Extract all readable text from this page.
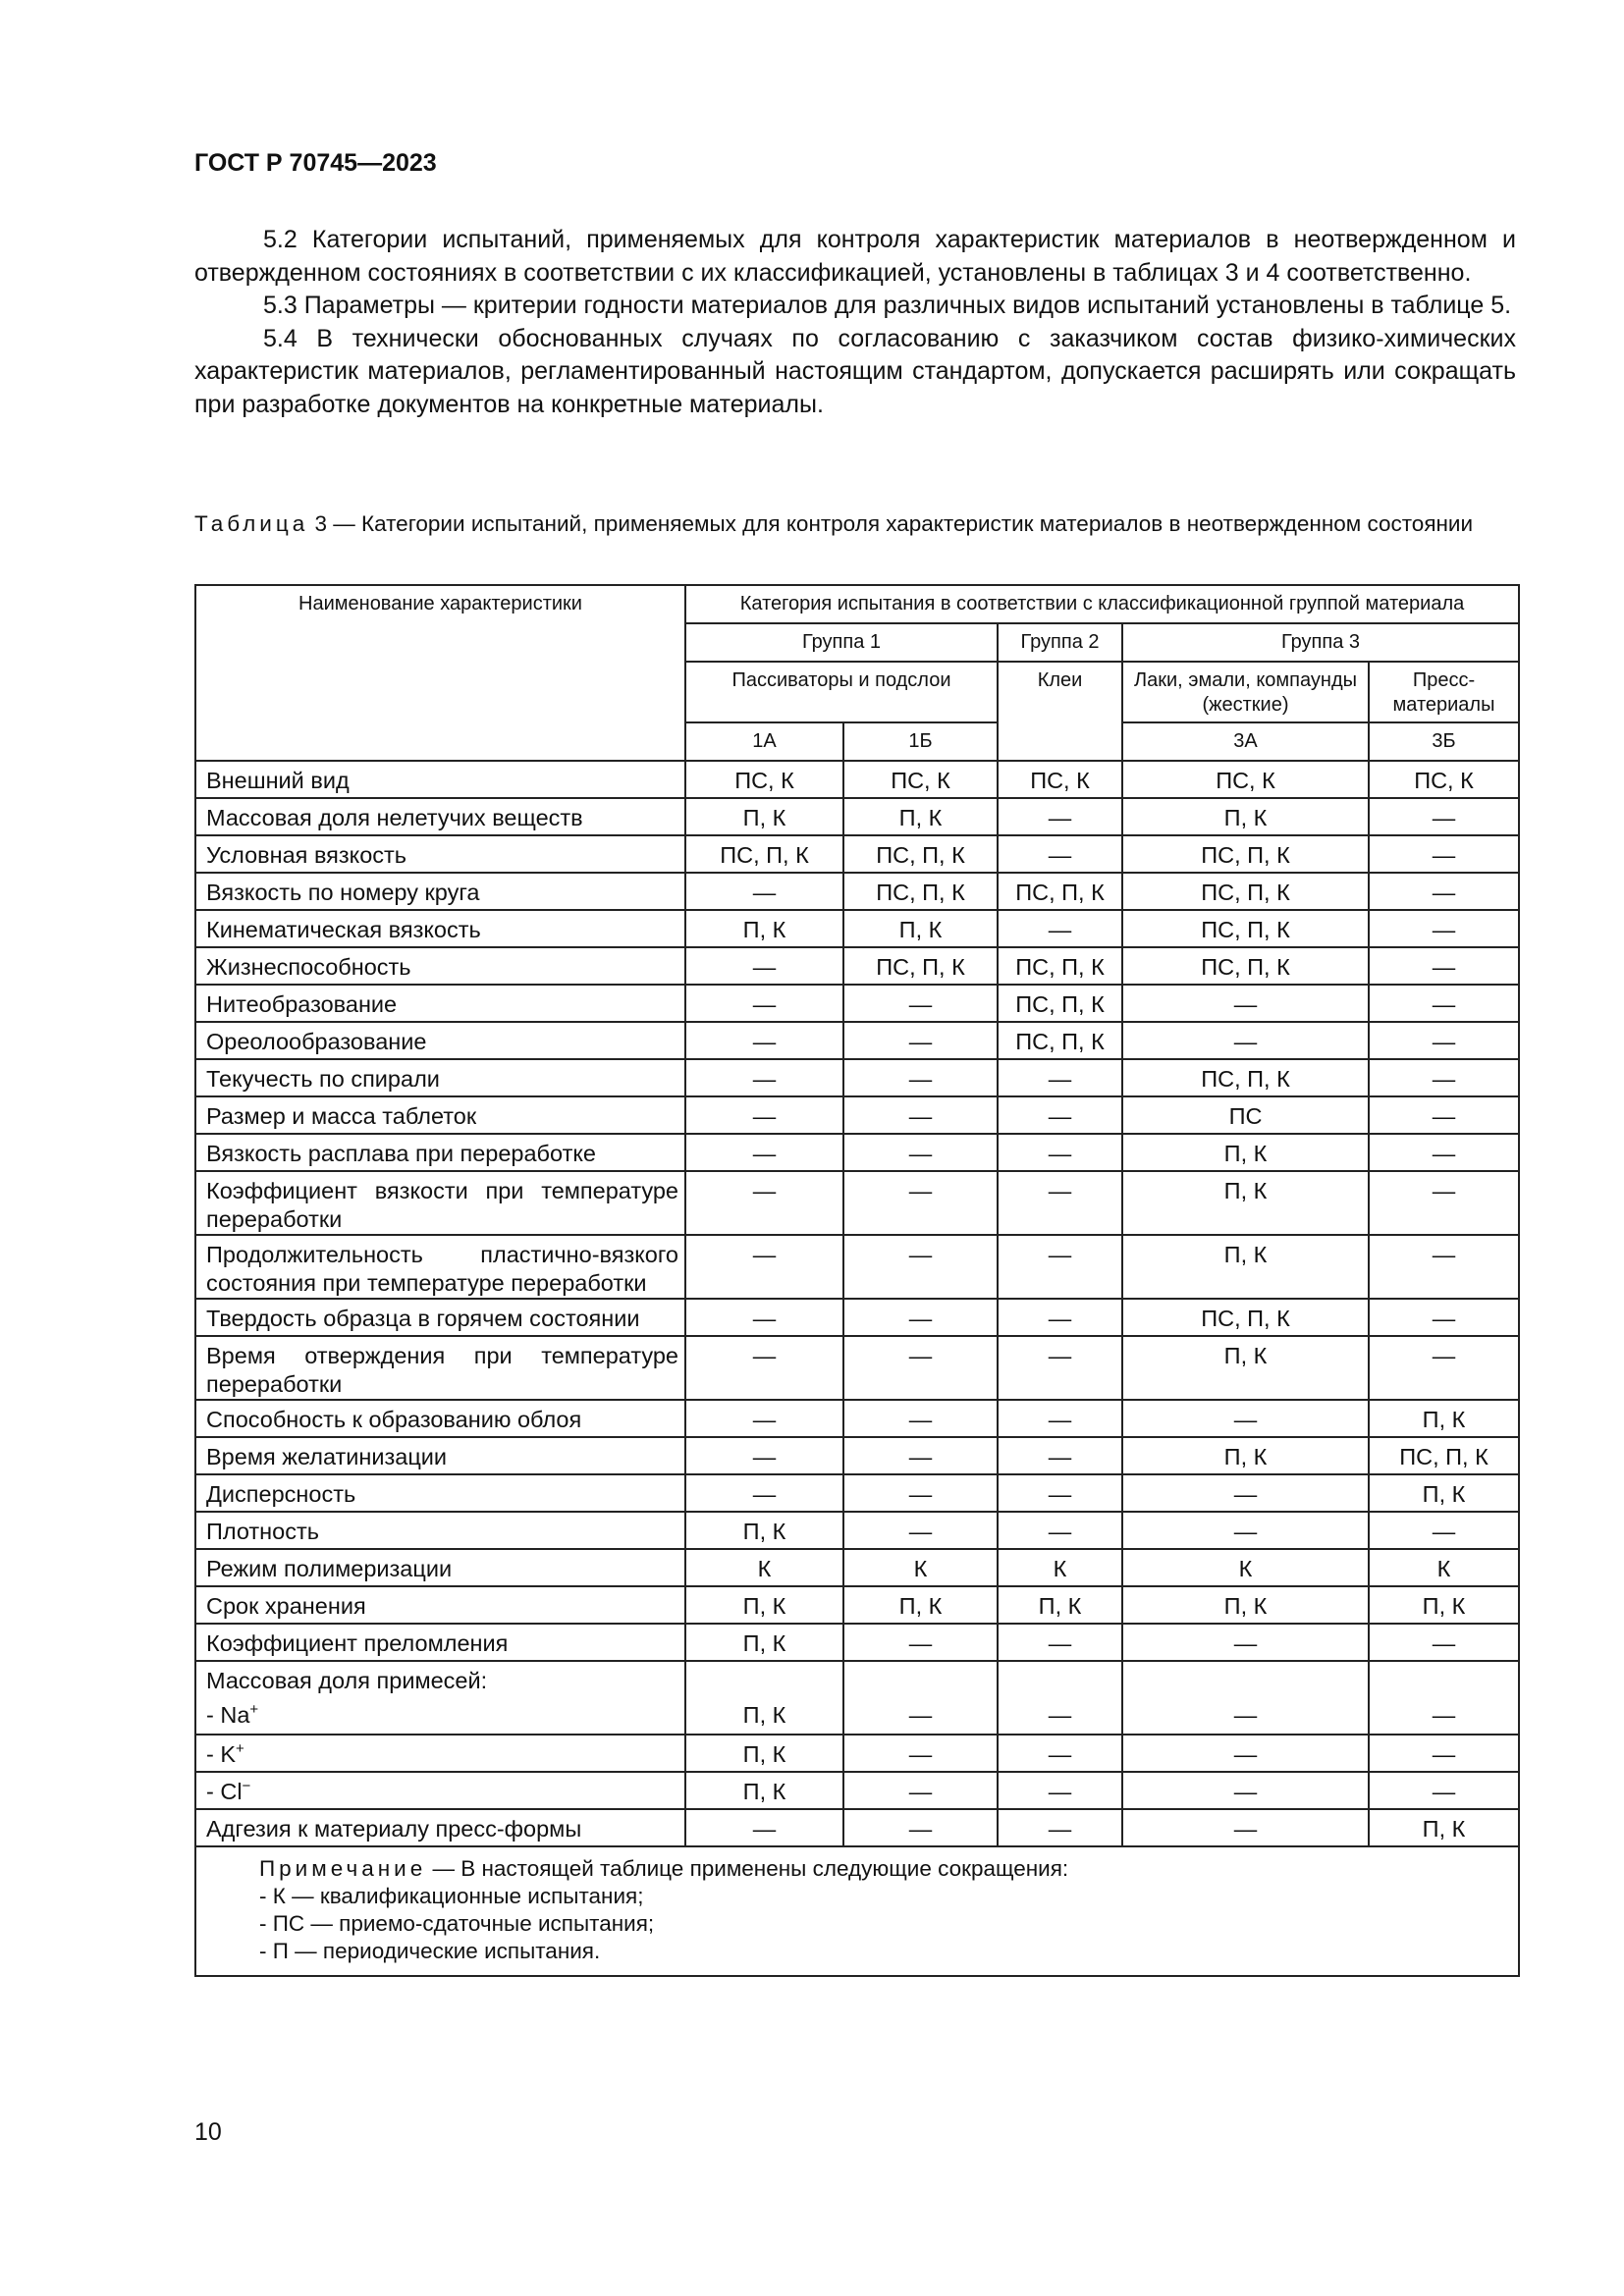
ГОСТ Р 70745—2023

5.2 Категории испытаний, применяемых для контроля характеристик материалов в неотвержденном и отвержденном состояниях в соответствии с их классификацией, установлены в таблицах 3 и 4 соответственно.

5.3 Параметры — критерии годности материалов для различных видов испытаний установлены в таблице 5.

5.4 В технически обоснованных случаях по согласованию с заказчиком состав физико-химических характеристик материалов, регламентированный настоящим стандартом, допускается расширять или сокращать при разработке документов на конкретные материалы.

Таблица 3 — Категории испытаний, применяемых для контроля характеристик материалов в неотвержденном состоянии
Наименование характеристики	Категория испытания в соответствии с классификационной группой материала				
	Группа 1		Группа 2	Группа 3	
	Пассиваторы и подслои		Клеи	Лаки, эмали, компаунды (жесткие)	Пресс-материалы
	1А	1Б		3А	3Б
Внешний вид	ПС, К	ПС, К	ПС, К	ПС, К	ПС, К
Массовая доля нелетучих веществ	П, К	П, К	—	П, К	—
Условная вязкость	ПС, П, К	ПС, П, К	—	ПС, П, К	—
Вязкость по номеру круга	—	ПС, П, К	ПС, П, К	ПС, П, К	—
Кинематическая вязкость	П, К	П, К	—	ПС, П, К	—
Жизнеспособность	—	ПС, П, К	ПС, П, К	ПС, П, К	—
Нитеобразование	—	—	ПС, П, К	—	—
Ореолообразование	—	—	ПС, П, К	—	—
Текучесть по спирали	—	—	—	ПС, П, К	—
Размер и масса таблеток	—	—	—	ПС	—
Вязкость расплава при переработке	—	—	—	П, К	—
Коэффициент вязкости при температуре переработки	—	—	—	П, К	—
Продолжительность пластично-вязкого состояния при температуре переработки	—	—	—	П, К	—
Твердость образца в горячем состоянии	—	—	—	ПС, П, К	—
Время отверждения при температуре переработки	—	—	—	П, К	—
Способность к образованию облоя	—	—	—	—	П, К
Время желатинизации	—	—	—	П, К	ПС, П, К
Дисперсность	—	—	—	—	П, К
Плотность	П, К	—	—	—	—
Режим полимеризации	К	К	К	К	К
Срок хранения	П, К	П, К	П, К	П, К	П, К
Коэффициент преломления	П, К	—	—	—	—

Массовая доля примесей:
- Na+	П, К	—	—	—	—
- K+	П, К	—	—	—	—
- Cl−	П, К	—	—	—	—
Адгезия к материалу пресс-формы	—	—	—	—	П, К

Примечание — В настоящей таблице применены следующие сокращения:
- К — квалификационные испытания;
- ПС — приемо-сдаточные испытания;
- П — периодические испытания.					
10
